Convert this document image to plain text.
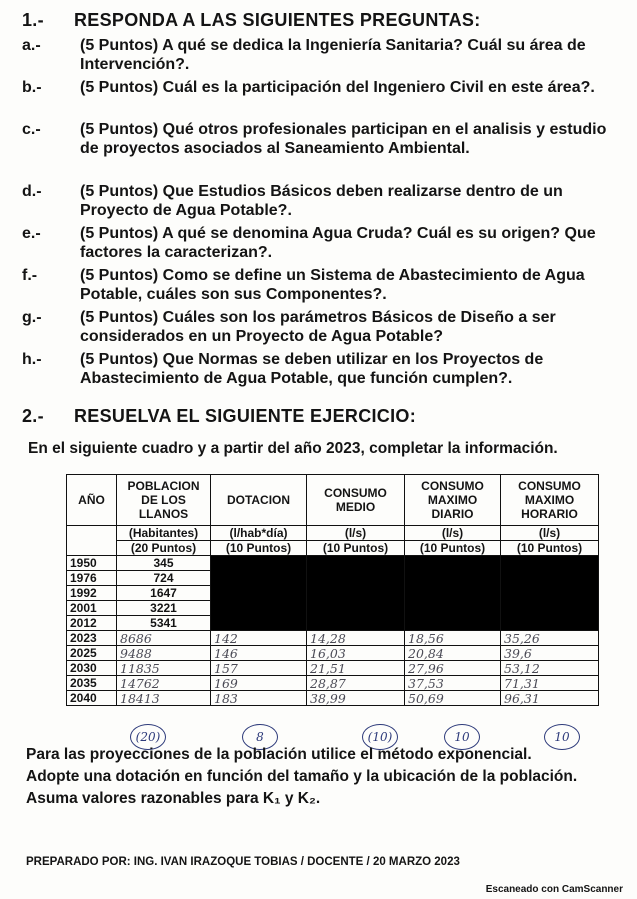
1.- RESPONDA A LAS SIGUIENTES PREGUNTAS:
a.- (5 Puntos) A qué se dedica la Ingeniería Sanitaria? Cuál su área de Intervención?.
b.- (5 Puntos) Cuál es la participación del Ingeniero Civil en este área?.
c.- (5 Puntos) Qué otros profesionales participan en el analisis y estudio de proyectos asociados al Saneamiento Ambiental.
d.- (5 Puntos) Que Estudios Básicos deben realizarse dentro de un Proyecto de Agua Potable?.
e.- (5 Puntos) A qué se denomina Agua Cruda? Cuál es su origen? Que factores la caracterizan?.
f.-	(5 Puntos) Como se define un Sistema de Abastecimiento de Agua Potable, cuáles son sus Componentes?.
g.- (5 Puntos) Cuáles son los parámetros Básicos de Diseño a ser considerados en un Proyecto de Agua Potable?
h.- (5 Puntos) Que Normas se deben utilizar en los Proyectos de Abastecimiento de Agua Potable, que función cumplen?.
2.- RESUELVA EL SIGUIENTE EJERCICIO:
En el siguiente cuadro y a partir del año 2023, completar la información.
AÑO	POBLACION DE LOS LLANOS	DOTACION	CONSUMO MEDIO	CONSUMO MAXIMO DIARIO	CONSUMO MAXIMO HORARIO
	(Habitantes)	(l/hab*día)	(l/s)	(l/s)	(l/s)
	(20 Puntos)	(10 Puntos)	(10 Puntos)	(10 Puntos)	(10 Puntos)
1950	345				
1976	724				
1992	1647				
2001	3221				
2012	5341				
2023	8686	142	14,28	18,56	35,26
2025	9488	146	16,03	20,84	39,6
2030	11835	157	21,51	27,96	53,12
2035	14762	169	28,87	37,53	71,31
2040	18413	183	38,99	50,69	96,31
(20)	8	(10)	10	10
Para las proyecciones de la población utilice el método exponencial.
Adopte una dotación en función del tamaño y la ubicación de la población.
Asuma valores razonables para K₁ y K₂.
PREPARADO POR: ING. IVAN IRAZOQUE TOBIAS / DOCENTE / 20 MARZO 2023
Escaneado con CamScanner
